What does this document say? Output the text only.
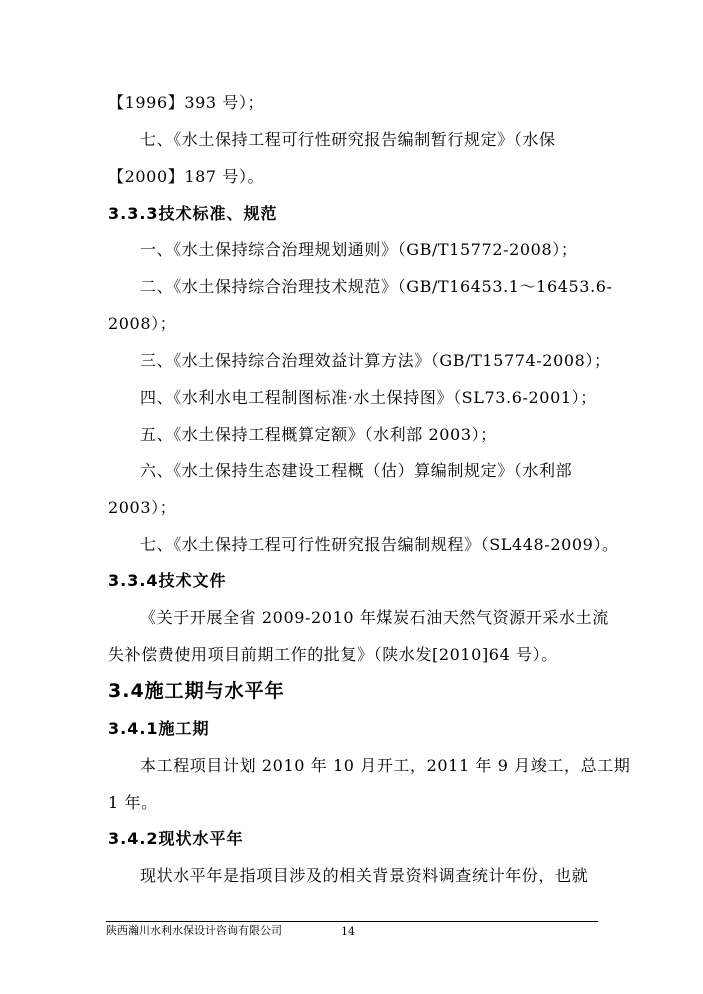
【1996】393 号）；
七、《水土保持工程可行性研究报告编制暂行规定》（水保
【2000】187 号）。
3.3.3技术标准、规范
一、《水土保持综合治理规划通则》（GB/T15772-2008）；
二、《水土保持综合治理技术规范》（GB/T16453.1～16453.6-
2008）；
三、《水土保持综合治理效益计算方法》（GB/T15774-2008）；
四、《水利水电工程制图标准·水土保持图》（SL73.6-2001）；
五、《水土保持工程概算定额》（水利部 2003）；
六、《水土保持生态建设工程概（估）算编制规定》（水利部
2003）；
七、《水土保持工程可行性研究报告编制规程》（SL448-2009）。
3.3.4技术文件
《关于开展全省 2009-2010 年煤炭石油天然气资源开采水土流
失补偿费使用项目前期工作的批复》（陕水发[2010]64 号）。
3.4施工期与水平年
3.4.1施工期
本工程项目计划 2010 年 10 月开工，2011 年 9 月竣工，总工期
1 年。
3.4.2现状水平年
现状水平年是指项目涉及的相关背景资料调查统计年份，也就
陕西瀚川水利水保设计咨询有限公司	14
